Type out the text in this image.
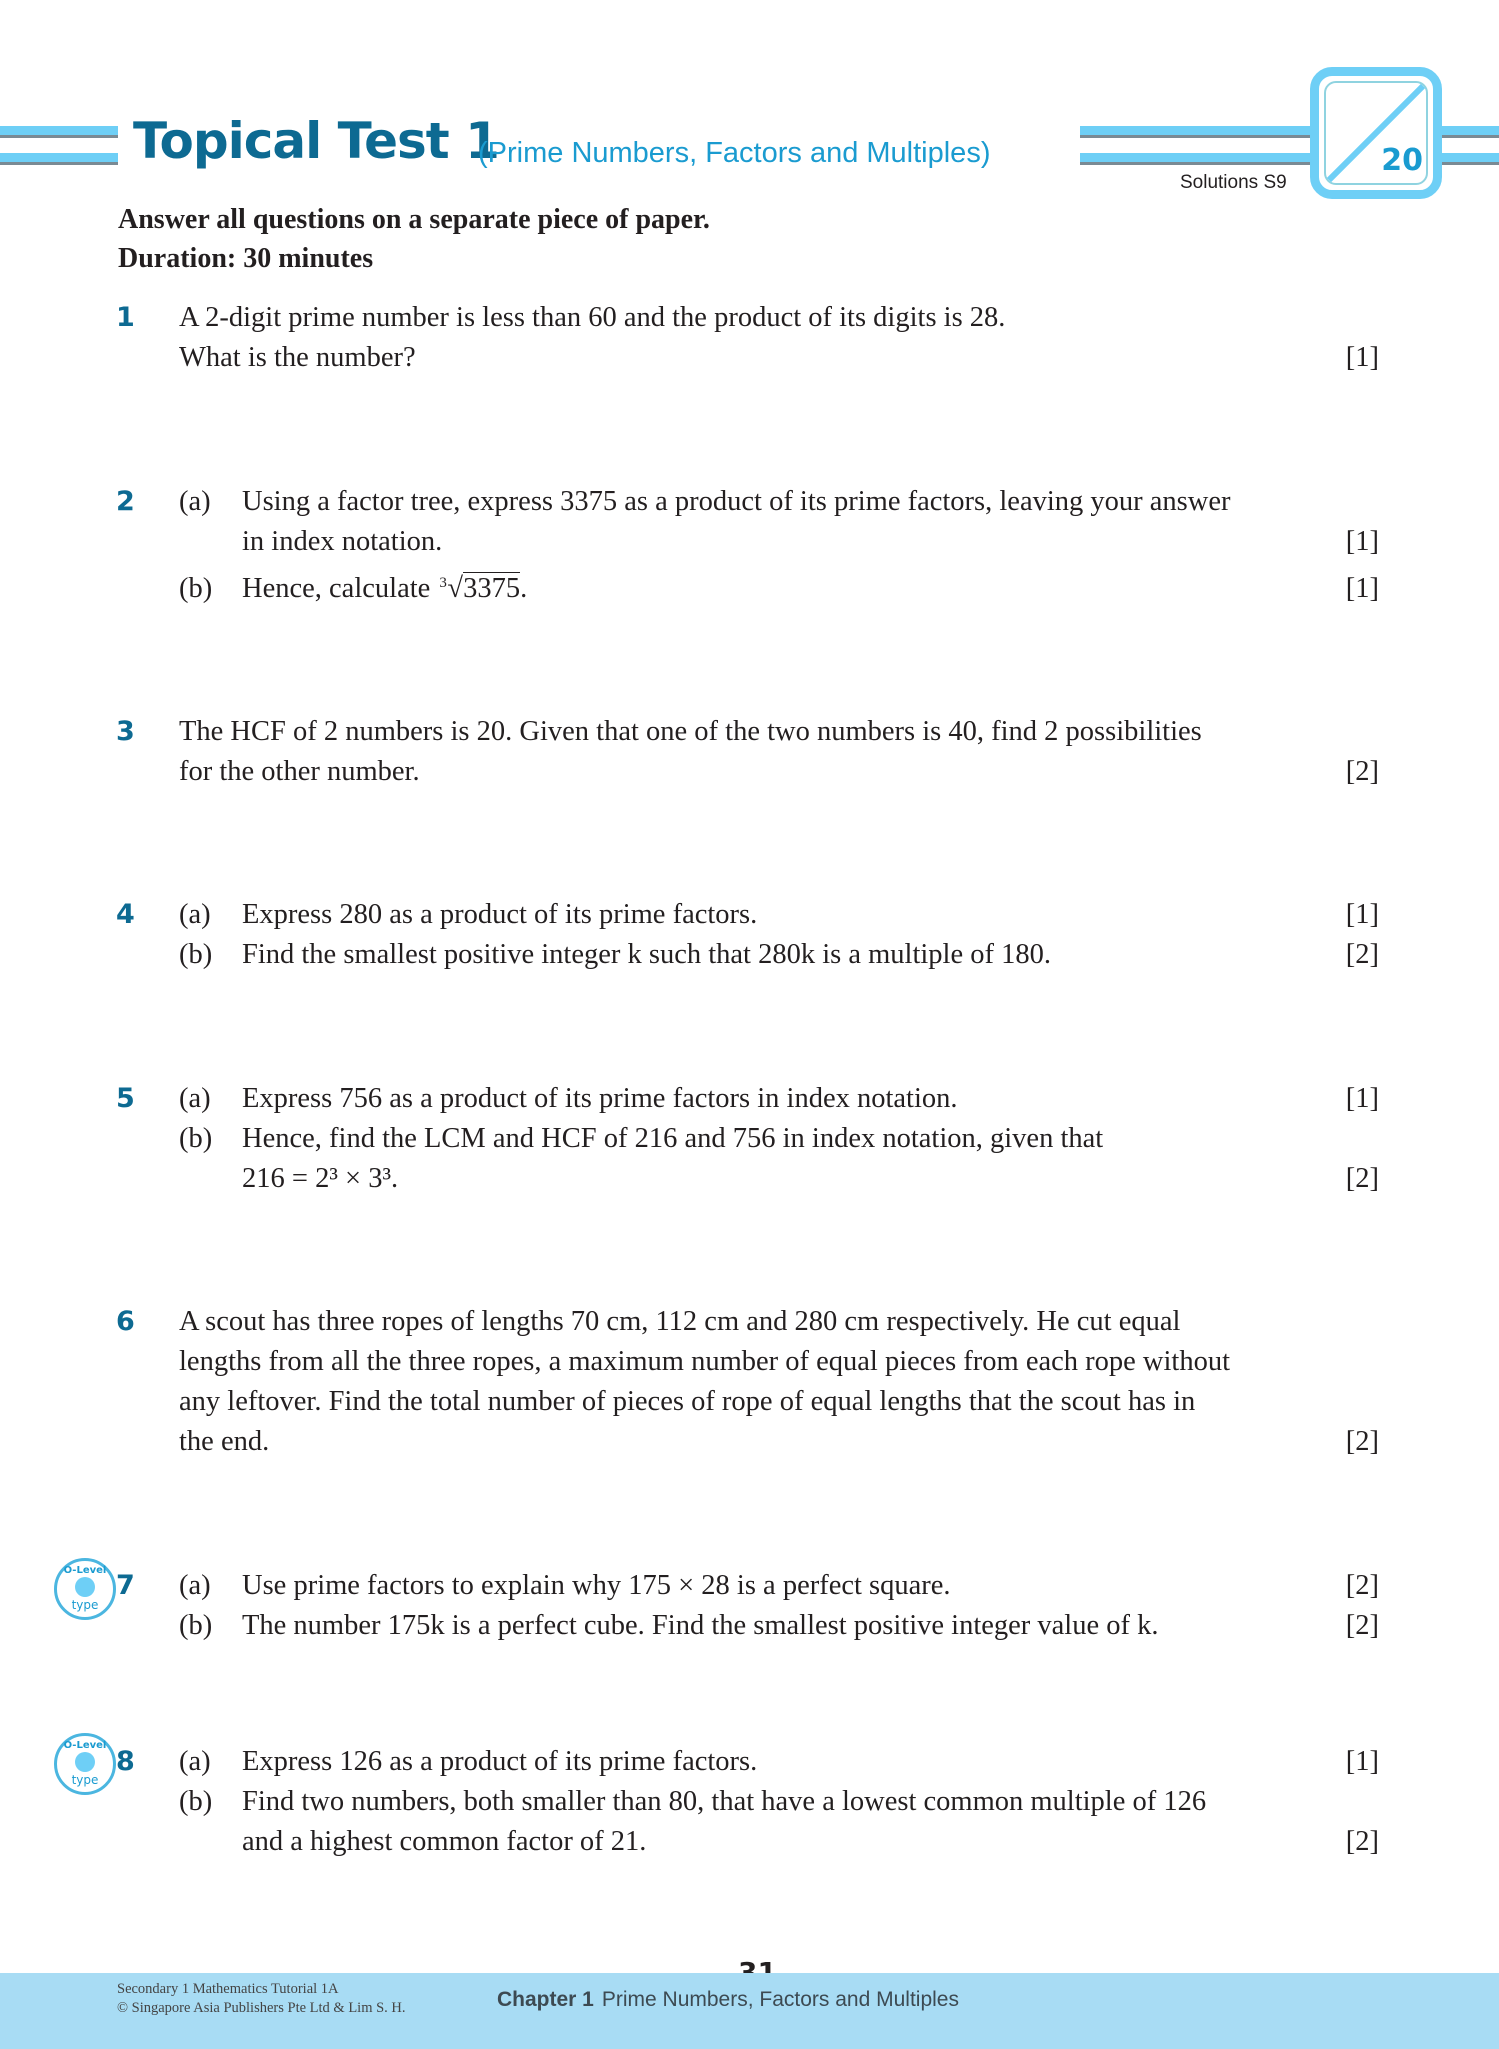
Topical Test 1
(Prime Numbers, Factors and Multiples)
Solutions S9
20
Answer all questions on a separate piece of paper.
Duration: 30 minutes
1 A 2-digit prime number is less than 60 and the product of its digits is 28.
What is the number?	[1]
2 (a) Using a factor tree, express 3375 as a product of its prime factors, leaving your answer
in index notation.	[1]
(b) Hence, calculate 3 √3375.	[1]
3 The HCF of 2 numbers is 20. Given that one of the two numbers is 40, find 2 possibilities
for the other number.	[2]
4 (a) Express 280 as a product of its prime factors.	[1]
(b) Find the smallest positive integer k such that 280k is a multiple of 180.	[2]
5 (a) Express 756 as a product of its prime factors in index notation.	[1]
(b) Hence, find the LCM and HCF of 216 and 756 in index notation, given that
216 = 2³ × 3³.	[2]
6 A scout has three ropes of lengths 70 cm, 112 cm and 280 cm respectively. He cut equal
lengths from all the three ropes, a maximum number of equal pieces from each rope without
any leftover. Find the total number of pieces of rope of equal lengths that the scout has in
the end.	[2]
O-Level
type
7 (a) Use prime factors to explain why 175 × 28 is a perfect square.	[2]
(b) The number 175k is a perfect cube. Find the smallest positive integer value of k.	[2]
O-Level
type
8 (a) Express 126 as a product of its prime factors.	[1]
(b) Find two numbers, both smaller than 80, that have a lowest common multiple of 126
and a highest common factor of 21.	[2]
Secondary 1 Mathematics Tutorial 1A
© Singapore Asia Publishers Pte Ltd & Lim S. H.	Chapter 1 Prime Numbers, Factors and Multiples
